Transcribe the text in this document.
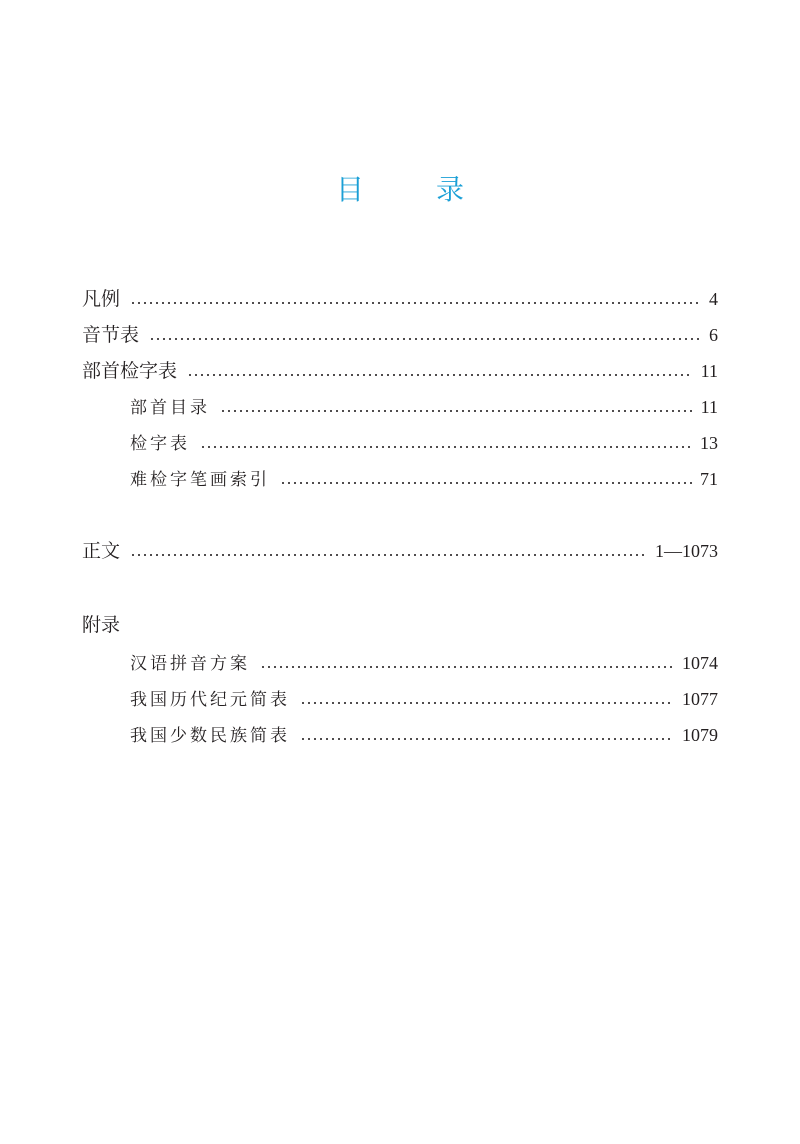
目	录
凡例	4
音节表	6
部首检字表	11
部首目录	11
检字表	13
难检字笔画索引	71
正文	1—1073
附录
汉语拼音方案	1074
我国历代纪元简表	1077
我国少数民族简表	1079
